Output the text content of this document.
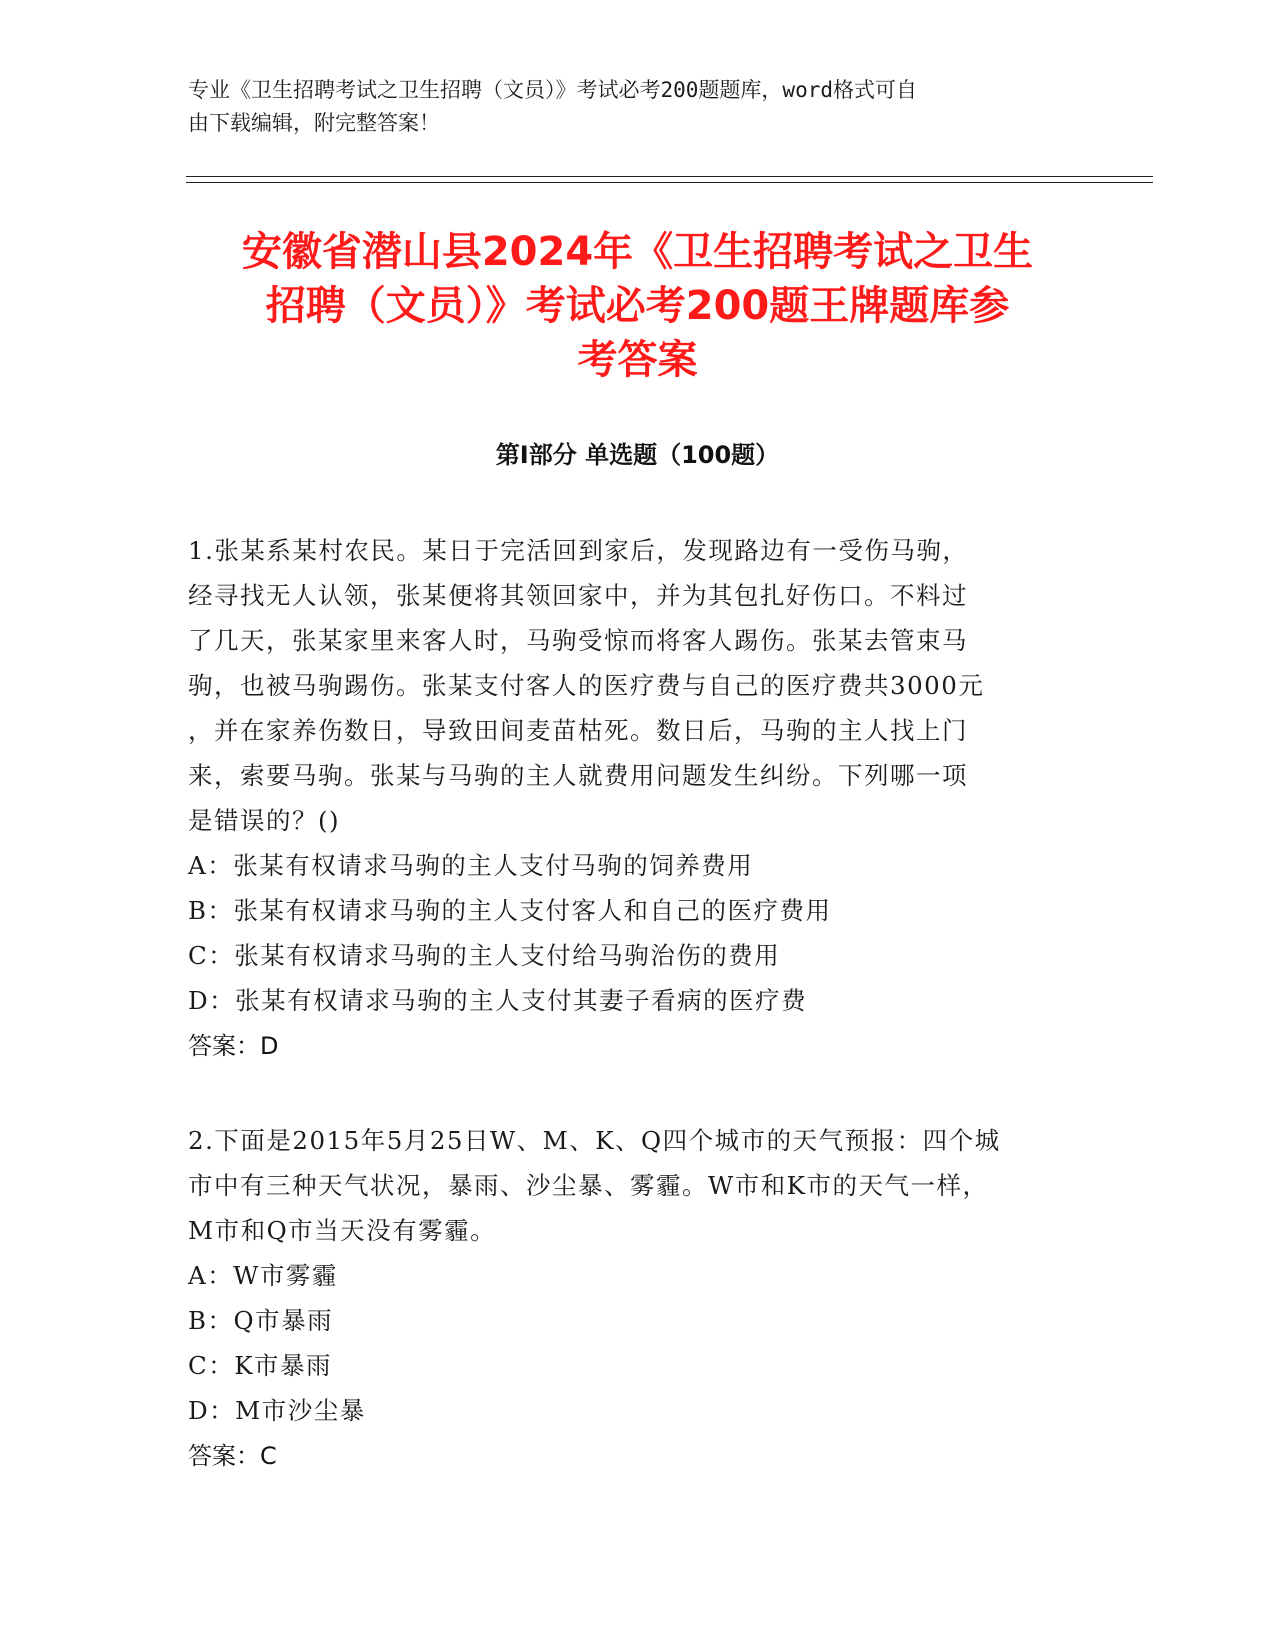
专业《卫生招聘考试之卫生招聘（文员）》考试必考200题题库，word格式可自
由下载编辑，附完整答案！
安徽省潜山县2024年《卫生招聘考试之卫生
招聘（文员）》考试必考200题王牌题库参
考答案
第I部分 单选题（100题）
1.张某系某村农民。某日于完活回到家后，发现路边有一受伤马驹，
经寻找无人认领，张某便将其领回家中，并为其包扎好伤口。不料过
了几天，张某家里来客人时，马驹受惊而将客人踢伤。张某去管束马
驹，也被马驹踢伤。张某支付客人的医疗费与自己的医疗费共3000元
，并在家养伤数日，导致田间麦苗枯死。数日后，马驹的主人找上门
来，索要马驹。张某与马驹的主人就费用问题发生纠纷。下列哪一项
是错误的？()
A：张某有权请求马驹的主人支付马驹的饲养费用
B：张某有权请求马驹的主人支付客人和自己的医疗费用
C：张某有权请求马驹的主人支付给马驹治伤的费用
D：张某有权请求马驹的主人支付其妻子看病的医疗费
答案：D
2.下面是2015年5月25日W、M、K、Q四个城市的天气预报：四个城
市中有三种天气状况，暴雨、沙尘暴、雾霾。W市和K市的天气一样，
M市和Q市当天没有雾霾。
A：W市雾霾
B：Q市暴雨
C：K市暴雨
D：M市沙尘暴
答案：C
